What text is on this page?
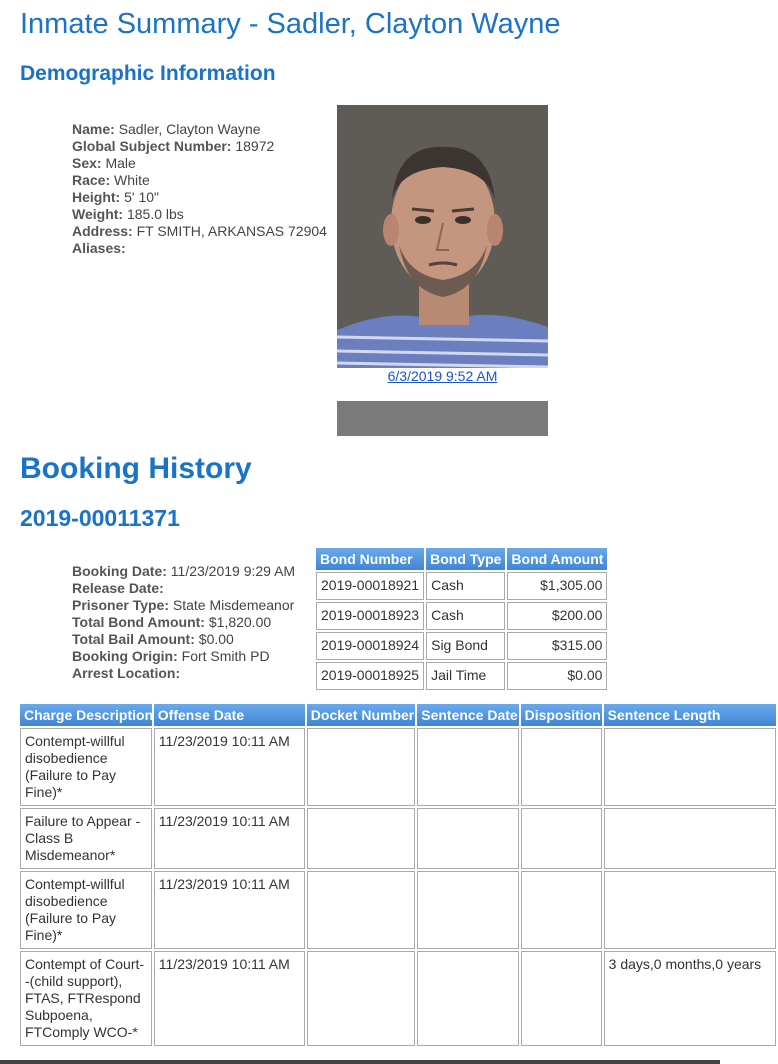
Inmate Summary - Sadler, Clayton Wayne
Demographic Information
Name: Sadler, Clayton Wayne
Global Subject Number: 18972
Sex: Male
Race: White
Height: 5' 10"
Weight: 185.0 lbs
Address: FT SMITH, ARKANSAS 72904
Aliases:
6/3/2019 9:52 AM
Booking History
2019-00011371
Booking Date: 11/23/2019 9:29 AM
Release Date:
Prisoner Type: State Misdemeanor
Total Bond Amount: $1,820.00
Total Bail Amount: $0.00
Booking Origin: Fort Smith PD
Arrest Location:
Bond Number	Bond Type	Bond Amount
2019-00018921	Cash	$1,305.00
2019-00018923	Cash	$200.00
2019-00018924	Sig Bond	$315.00
2019-00018925	Jail Time	$0.00
Charge Description	Offense Date	Docket Number	Sentence Date	Disposition	Sentence Length
Contempt-willful disobedience (Failure to Pay Fine)*	11/23/2019 10:11 AM				
Failure to Appear - Class B Misdemeanor*	11/23/2019 10:11 AM				
Contempt-willful disobedience (Failure to Pay Fine)*	11/23/2019 10:11 AM				
Contempt of Court--(child support), FTAS, FTRespond Subpoena, FTComply WCO-*	11/23/2019 10:11 AM				3 days,0 months,0 years
